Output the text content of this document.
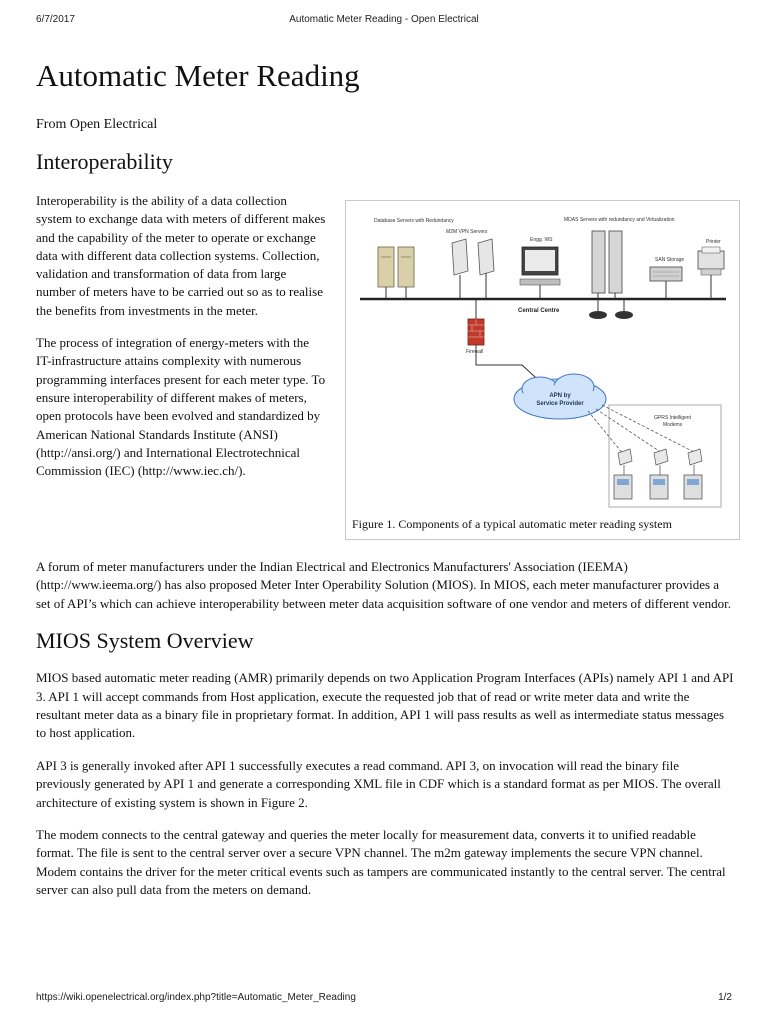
6/7/2017	Automatic Meter Reading - Open Electrical
Automatic Meter Reading
From Open Electrical
Interoperability

Interoperability is the ability of a data collection system to exchange data with meters of different makes and the capability of the meter to operate or exchange data with different data collection systems. Collection, validation and transformation of data from large number of meters have to be carried out so as to realise the benefits from investments in the meter.

The process of integration of energy-meters with the IT-infrastructure attains complexity with numerous programming interfaces present for each meter type. To ensure interoperability of different makes of meters, open protocols have been evolved and standardized by American National Standards Institute (ANSI) (http://ansi.org/) and International Electrotechnical Commission (IEC) (http://www.iec.ch/).

Database Servers with Redundancy
M2M VPN Servers
Engg. WS
MDAS Servers with redundancy and Virtualization
SAN Storage
Printer
Central Centre
Firewall
APN by
Service Provider
GPRS Intelligent
Modems
Figure 1. Components of a typical automatic meter reading system

A forum of meter manufacturers under the Indian Electrical and Electronics Manufacturers' Association (IEEMA) (http://www.ieema.org/) has also proposed Meter Inter Operability Solution (MIOS). In MIOS, each meter manufacturer provides a set of API’s which can achieve interoperability between meter data acquisition software of one vendor and meters of different vendor.

MIOS System Overview

MIOS based automatic meter reading (AMR) primarily depends on two Application Program Interfaces (APIs) namely API 1 and API 3. API 1 will accept commands from Host application, execute the requested job that of read or write meter data and write the resultant meter data as a binary file in proprietary format. In addition, API 1 will pass results as well as intermediate status messages to host application.

API 3 is generally invoked after API 1 successfully executes a read command. API 3, on invocation will read the binary file previously generated by API 1 and generate a corresponding XML file in CDF which is a standard format as per MIOS. The overall architecture of existing system is shown in Figure 2.

The modem connects to the central gateway and queries the meter locally for measurement data, converts it to unified readable format. The file is sent to the central server over a secure VPN channel. The m2m gateway implements the secure VPN channel. Modem contains the driver for the meter critical events such as tampers are communicated instantly to the central server. The central server can also pull data from the meters on demand.

https://wiki.openelectrical.org/index.php?title=Automatic_Meter_Reading	1/2
